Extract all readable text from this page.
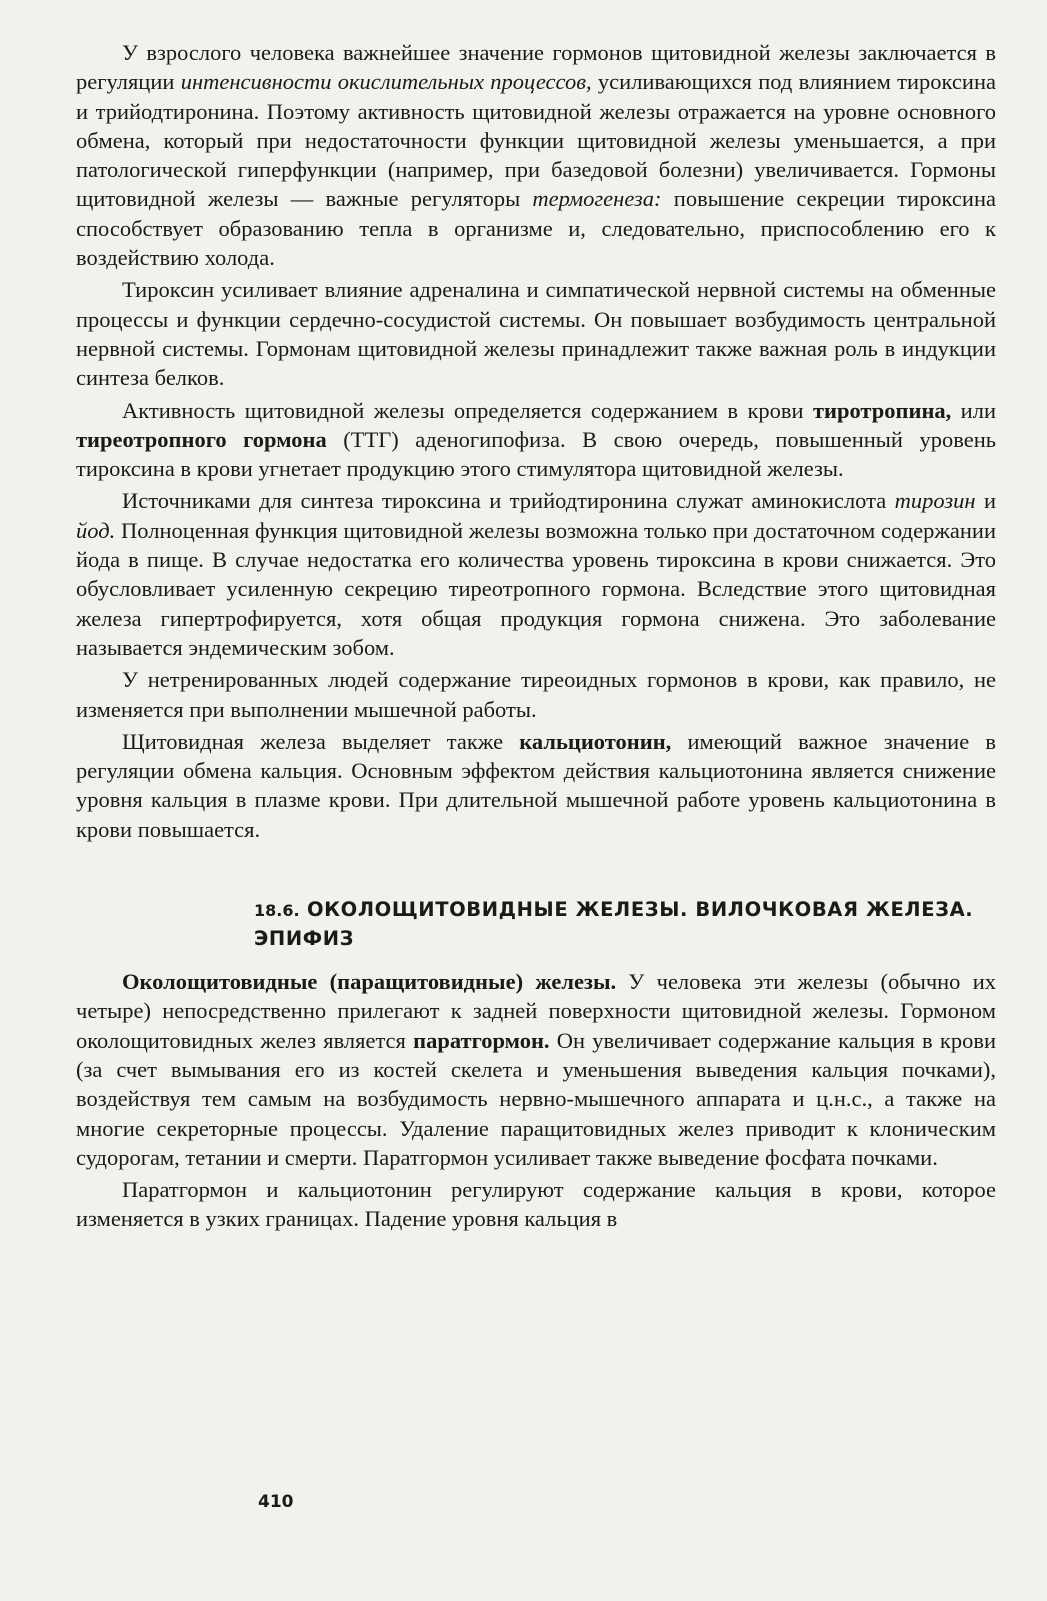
У взрослого человека важнейшее значение гормонов щитовидной железы заключается в регуляции интенсивности окислительных процессов, усиливающихся под влиянием тироксина и трийодтиронина. Поэтому активность щитовидной железы отражается на уровне основного обмена, который при недостаточности функции щитовидной железы уменьшается, а при патологической гиперфункции (например, при базедовой болезни) увеличивается. Гормоны щитовидной железы — важные регуляторы термогенеза: повышение секреции тироксина способствует образованию тепла в организме и, следовательно, приспособлению его к воздействию холода.

Тироксин усиливает влияние адреналина и симпатической нервной системы на обменные процессы и функции сердечно-сосудистой системы. Он повышает возбудимость центральной нервной системы. Гормонам щитовидной железы принадлежит также важная роль в индукции синтеза белков.

Активность щитовидной железы определяется содержанием в крови тиротропина, или тиреотропного гормона (ТТГ) аденогипофиза. В свою очередь, повышенный уровень тироксина в крови угнетает продукцию этого стимулятора щитовидной железы.

Источниками для синтеза тироксина и трийодтиронина служат аминокислота тирозин и йод. Полноценная функция щитовидной железы возможна только при достаточном содержании йода в пище. В случае недостатка его количества уровень тироксина в крови снижается. Это обусловливает усиленную секрецию тиреотропного гормона. Вследствие этого щитовидная железа гипертрофируется, хотя общая продукция гормона снижена. Это заболевание называется эндемическим зобом.

У нетренированных людей содержание тиреоидных гормонов в крови, как правило, не изменяется при выполнении мышечной работы.

Щитовидная железа выделяет также кальциотонин, имеющий важное значение в регуляции обмена кальция. Основным эффектом действия кальциотонина является снижение уровня кальция в плазме крови. При длительной мышечной работе уровень кальциотонина в крови повышается.

18.6. ОКОЛОЩИТОВИДНЫЕ ЖЕЛЕЗЫ. ВИЛОЧКОВАЯ ЖЕЛЕЗА. ЭПИФИЗ

Околощитовидные (паращитовидные) железы. У человека эти железы (обычно их четыре) непосредственно прилегают к задней поверхности щитовидной железы. Гормоном околощитовидных желез является паратгормон. Он увеличивает содержание кальция в крови (за счет вымывания его из костей скелета и уменьшения выведения кальция почками), воздействуя тем самым на возбудимость нервно-мышечного аппарата и ц.н.с., а также на многие секреторные процессы. Удаление паращитовидных желез приводит к клоническим судорогам, тетании и смерти. Паратгормон усиливает также выведение фосфата почками.

Паратгормон и кальциотонин регулируют содержание кальция в крови, которое изменяется в узких границах. Падение уровня кальция в

410
